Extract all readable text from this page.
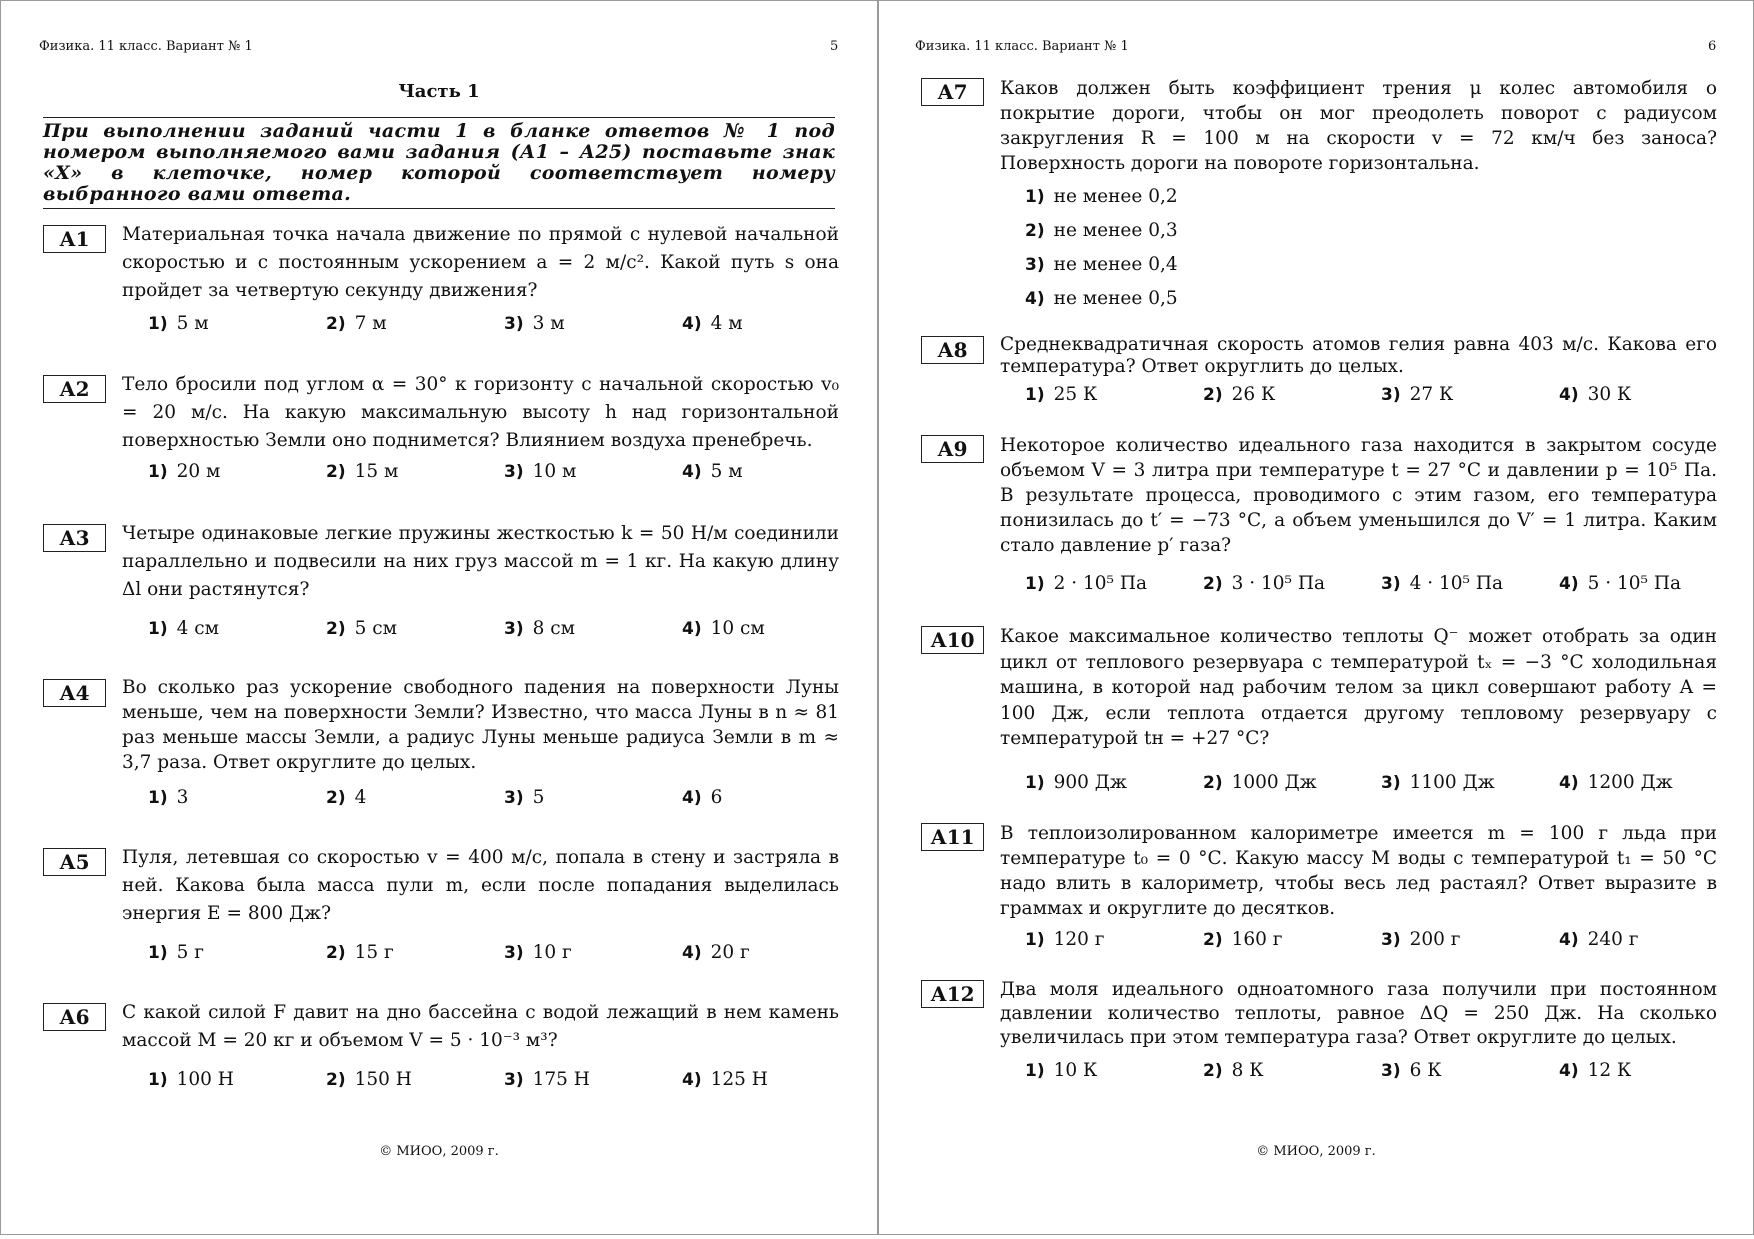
Физика. 11 класс. Вариант № 1	5
Часть 1
При выполнении заданий части 1 в бланке ответов № 1 под номером выполняемого вами задания (А1 – А25) поставьте знак «Х» в клеточке, номер которой соответствует номеру выбранного вами ответа.
А1	Материальная точка начала движение по прямой с нулевой начальной скоростью и с постоянным ускорением a = 2 м/с². Какой путь s она пройдет за четвертую секунду движения?
1) 5 м	2) 7 м	3) 3 м	4) 4 м
А2	Тело бросили под углом α = 30° к горизонту с начальной скоростью v₀ = 20 м/с. На какую максимальную высоту h над горизонтальной поверхностью Земли оно поднимется? Влиянием воздуха пренебречь.
1) 20 м	2) 15 м	3) 10 м	4) 5 м
А3	Четыре одинаковые легкие пружины жесткостью k = 50 Н/м соединили параллельно и подвесили на них груз массой m = 1 кг. На какую длину Δl они растянутся?
1) 4 см	2) 5 см	3) 8 см	4) 10 см
А4	Во сколько раз ускорение свободного падения на поверхности Луны меньше, чем на поверхности Земли? Известно, что масса Луны в n ≈ 81 раз меньше массы Земли, а радиус Луны меньше радиуса Земли в m ≈ 3,7 раза. Ответ округлите до целых.
1) 3	2) 4	3) 5	4) 6
А5	Пуля, летевшая со скоростью v = 400 м/с, попала в стену и застряла в ней. Какова была масса пули m, если после попадания выделилась энергия E = 800 Дж?
1) 5 г	2) 15 г	3) 10 г	4) 20 г
А6	С какой силой F давит на дно бассейна с водой лежащий в нем камень массой M = 20 кг и объемом V = 5 · 10⁻³ м³?
1) 100 Н	2) 150 Н	3) 175 Н	4) 125 Н
© МИОО, 2009 г.
Физика. 11 класс. Вариант № 1	6
А7	Каков должен быть коэффициент трения μ колес автомобиля о покрытие дороги, чтобы он мог преодолеть поворот с радиусом закругления R = 100 м на скорости v = 72 км/ч без заноса? Поверхность дороги на повороте горизонтальна.
1) не менее 0,2
2) не менее 0,3
3) не менее 0,4
4) не менее 0,5
А8	Среднеквадратичная скорость атомов гелия равна 403 м/с. Какова его температура? Ответ округлить до целых.
1) 25 К	2) 26 К	3) 27 К	4) 30 К
А9	Некоторое количество идеального газа находится в закрытом сосуде объемом V = 3 литра при температуре t = 27 °С и давлении p = 10⁵ Па. В результате процесса, проводимого с этим газом, его температура понизилась до t′ = −73 °С, а объем уменьшился до V′ = 1 литра. Каким стало давление p′ газа?
1) 2 · 10⁵ Па	2) 3 · 10⁵ Па	3) 4 · 10⁵ Па	4) 5 · 10⁵ Па
А10	Какое максимальное количество теплоты Q⁻ может отобрать за один цикл от теплового резервуара с температурой tₓ = −3 °С холодильная машина, в которой над рабочим телом за цикл совершают работу A = 100 Дж, если теплота отдается другому тепловому резервуару с температурой tн = +27 °С?
1) 900 Дж	2) 1000 Дж	3) 1100 Дж	4) 1200 Дж
А11	В теплоизолированном калориметре имеется m = 100 г льда при температуре t₀ = 0 °С. Какую массу M воды с температурой t₁ = 50 °С надо влить в калориметр, чтобы весь лед растаял? Ответ выразите в граммах и округлите до десятков.
1) 120 г	2) 160 г	3) 200 г	4) 240 г
А12	Два моля идеального одноатомного газа получили при постоянном давлении количество теплоты, равное ΔQ = 250 Дж. На сколько увеличилась при этом температура газа? Ответ округлите до целых.
1) 10 К	2) 8 К	3) 6 К	4) 12 К
© МИОО, 2009 г.
